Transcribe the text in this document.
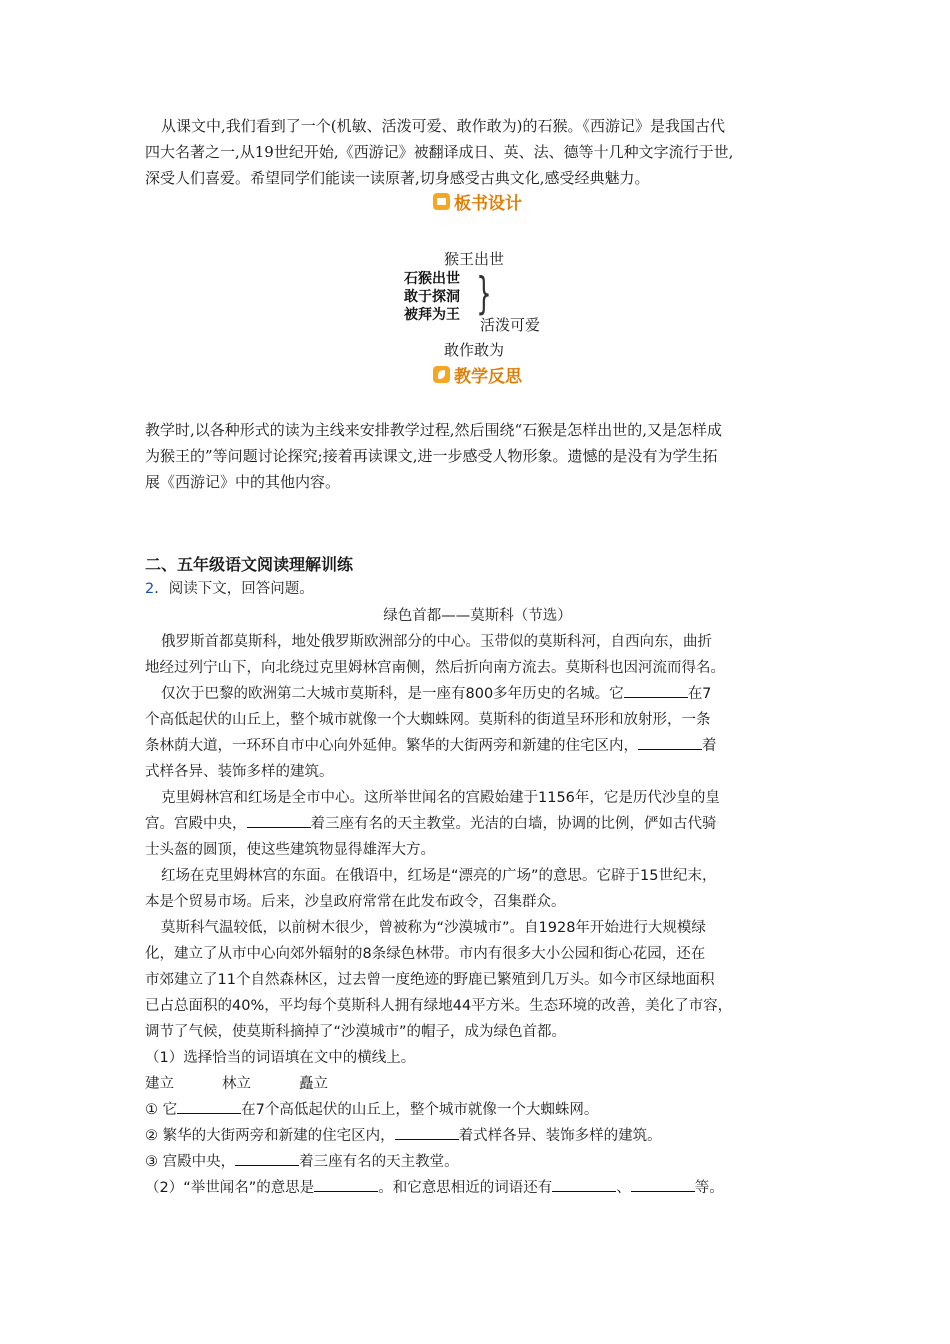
从课文中,我们看到了一个(机敏、活泼可爱、敢作敢为)的石猴。《西游记》是我国古代
四大名著之一,从19世纪开始,《西游记》被翻译成日、英、法、德等十几种文字流行于世,
深受人们喜爱。希望同学们能读一读原著,切身感受古典文化,感受经典魅力。

板书设计
猴王出世
石猴出世
敢于探洞
被拜为王 }
活泼可爱
敢作敢为
教学反思

教学时,以各种形式的读为主线来安排教学过程,然后围绕“石猴是怎样出世的,又是怎样成
为猴王的”等问题讨论探究;接着再读课文,进一步感受人物形象。遗憾的是没有为学生拓
展《西游记》中的其他内容。

二、五年级语文阅读理解训练
2．阅读下文，回答问题。
绿色首都——莫斯科（节选）

俄罗斯首都莫斯科，地处俄罗斯欧洲部分的中心。玉带似的莫斯科河，自西向东，曲折
地经过列宁山下，向北绕过克里姆林宫南侧，然后折向南方流去。莫斯科也因河流而得名。
仅次于巴黎的欧洲第二大城市莫斯科，是一座有800多年历史的名城。它	在7
个高低起伏的山丘上，整个城市就像一个大蜘蛛网。莫斯科的街道呈环形和放射形，一条
条林荫大道，一环环自市中心向外延伸。繁华的大街两旁和新建的住宅区内，	着
式样各异、装饰多样的建筑。
克里姆林宫和红场是全市中心。这所举世闻名的宫殿始建于1156年，它是历代沙皇的皇
宫。宫殿中央，	着三座有名的天主教堂。光洁的白墙，协调的比例，俨如古代骑
士头盔的圆顶，使这些建筑物显得雄浑大方。
红场在克里姆林宫的东面。在俄语中，红场是“漂亮的广场”的意思。它辟于15世纪末，
本是个贸易市场。后来，沙皇政府常常在此发布政令，召集群众。
莫斯科气温较低，以前树木很少，曾被称为“沙漠城市”。自1928年开始进行大规模绿
化，建立了从市中心向郊外辐射的8条绿色林带。市内有很多大小公园和街心花园，还在
市郊建立了11个自然森林区，过去曾一度绝迹的野鹿已繁殖到几万头。如今市区绿地面积
已占总面积的40%，平均每个莫斯科人拥有绿地44平方米。生态环境的改善，美化了市容，
调节了气候，使莫斯科摘掉了“沙漠城市”的帽子，成为绿色首都。

（1）选择恰当的词语填在文中的横线上。
建立	林立	矗立
① 它	在7个高低起伏的山丘上，整个城市就像一个大蜘蛛网。
② 繁华的大街两旁和新建的住宅区内，	着式样各异、装饰多样的建筑。
③ 宫殿中央，	着三座有名的天主教堂。
（2）“举世闻名”的意思是	。和它意思相近的词语还有	、	等。
